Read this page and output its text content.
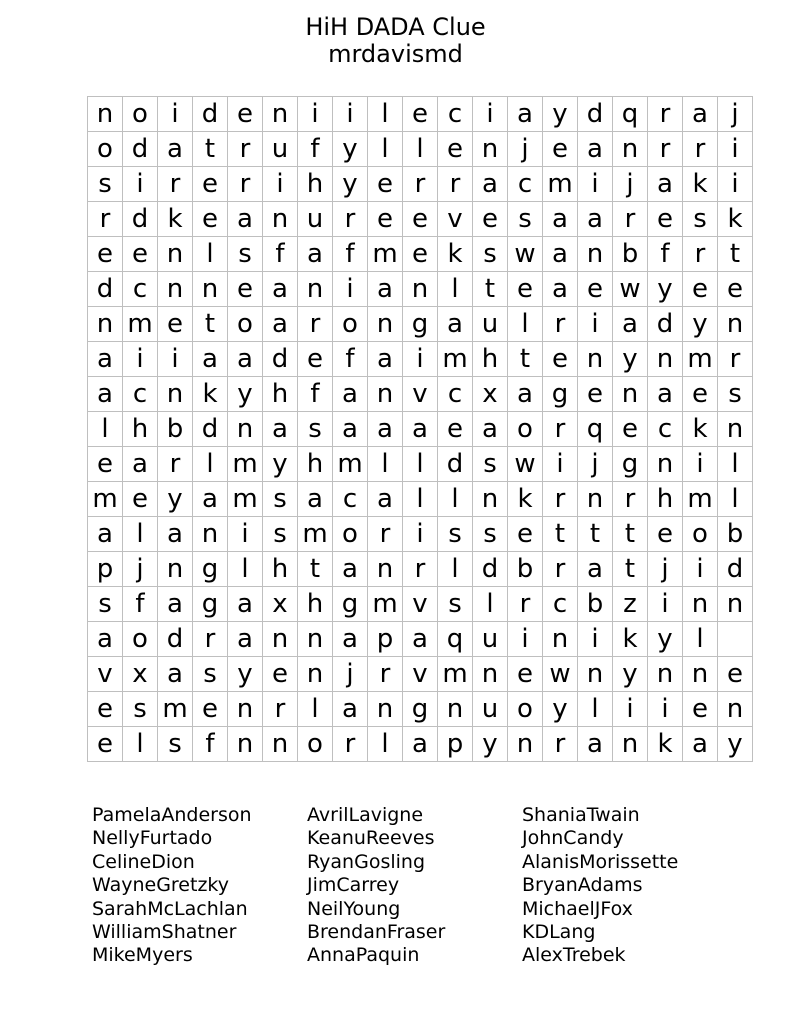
HiH DADA Clue
mrdavismd
n o i d e n i	i	l e c i a y d q r a j
o d a t r u f y l	l e n j e a n r r	i
s i	r e r	i h y e r r a c m i	j a k i
r d k e a n u r e e v e s a a r e s k
e e n l s f a f m e k s w a n b f r t
d c n n e a n i a n l	t e a e w y e e
n m e t o a r o n g a u l	r	i a d y n
a i	i a a d e f a i m h t e n y n m r
a c n k y h f a n v c x a g e n a e s
l h b d n a s a a a e a o r q e c k n
e a r	l m y h m l	l d s w i	j g n i	l
m e y a m s a c a l	l n k r n r h m l
a l a n i s m o r	i s s e t t t e o b
p j n g l h t a n r	l d b r a t	j	i d
s f a g a x h g m v s l	r c b z i n n
a o d r a n n a p a q u i n i k y l
v x a s y e n j	r v m n e w n y n n e
e s m e n r	l a n g n u o y l	i	i e n
e l s f n n o r	l a p y n r a n k a y
PamelaAnderson
NellyFurtado
CelineDion
WayneGretzky
SarahMcLachlan
WilliamShatner
MikeMyers
AvrilLavigne
KeanuReeves
RyanGosling
JimCarrey
NeilYoung
BrendanFraser
AnnaPaquin
ShaniaTwain
JohnCandy
AlanisMorissette
BryanAdams
MichaelJFox
KDLang
AlexTrebek
